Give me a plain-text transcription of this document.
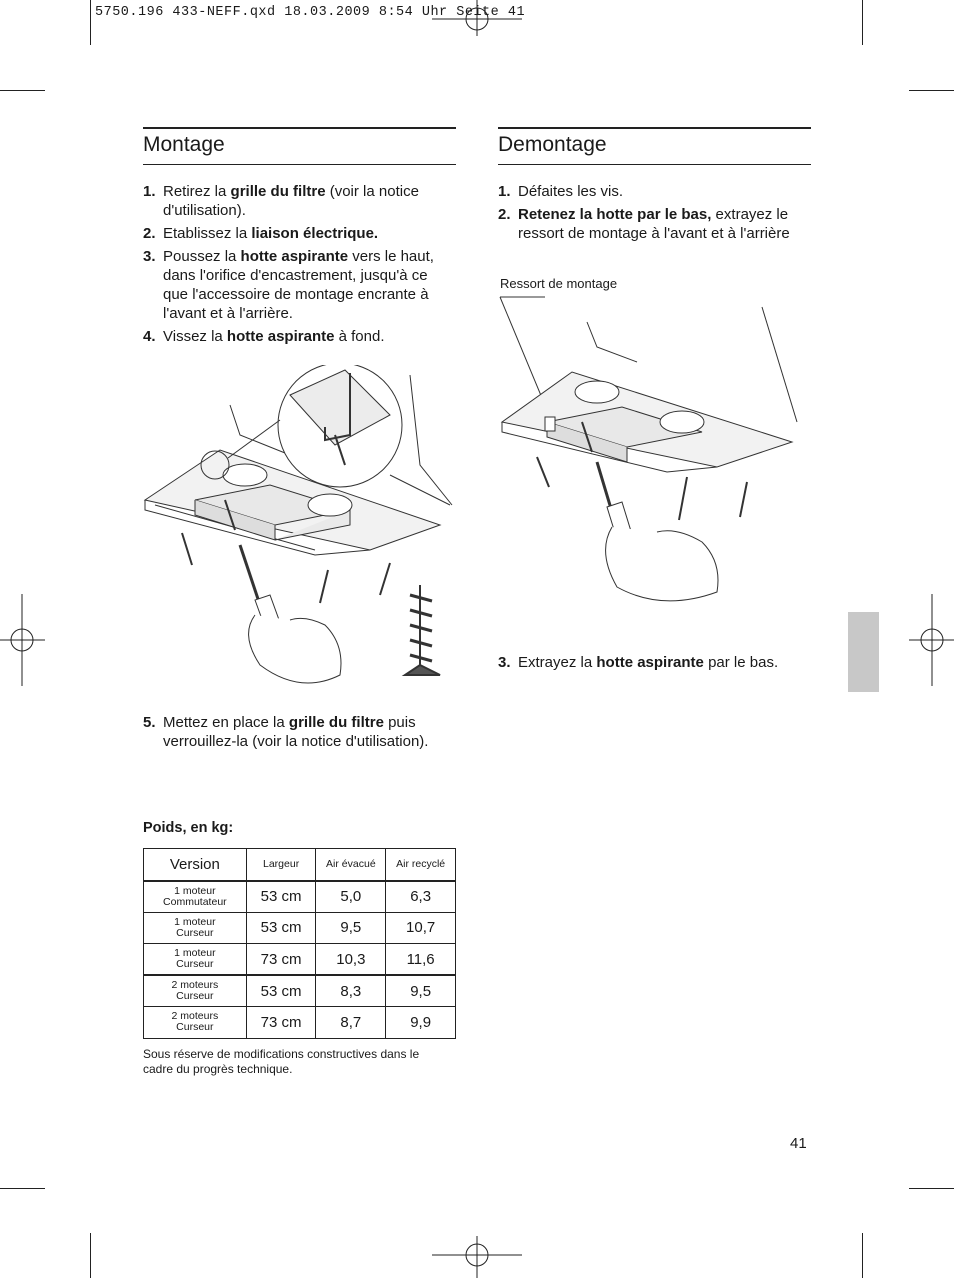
5750.196 433-NEFF.qxd 18.03.2009 8:54 Uhr Seite 41
Montage
1. Retirez la grille du filtre (voir la notice d'utilisation).
2. Etablissez la liaison électrique.
3. Poussez la hotte aspirante vers le haut, dans l'orifice d'encastrement, jusqu'à ce que l'accessoire de montage encrante à l'avant et à l'arrière.
4. Vissez la hotte aspirante à fond.
5. Mettez en place la grille du filtre puis verrouillez-la (voir la notice d'utilisation).
Poids, en kg:
Version	Largeur	Air évacué	Air recyclé

1 moteur
Commutateur	53 cm	5,0	6,3

1 moteur
Curseur	53 cm	9,5	10,7

1 moteur
Curseur	73 cm	10,3	11,6

2 moteurs
Curseur	53 cm	8,3	9,5

2 moteurs
Curseur	73 cm	8,7	9,9
Sous réserve de modifications constructives dans le cadre du progrès technique.
Demontage
1. Défaites les vis.
2. Retenez la hotte par le bas, extrayez le ressort de montage à l'avant et à l'arrière
Ressort de montage
3. Extrayez la hotte aspirante par le bas.
41
